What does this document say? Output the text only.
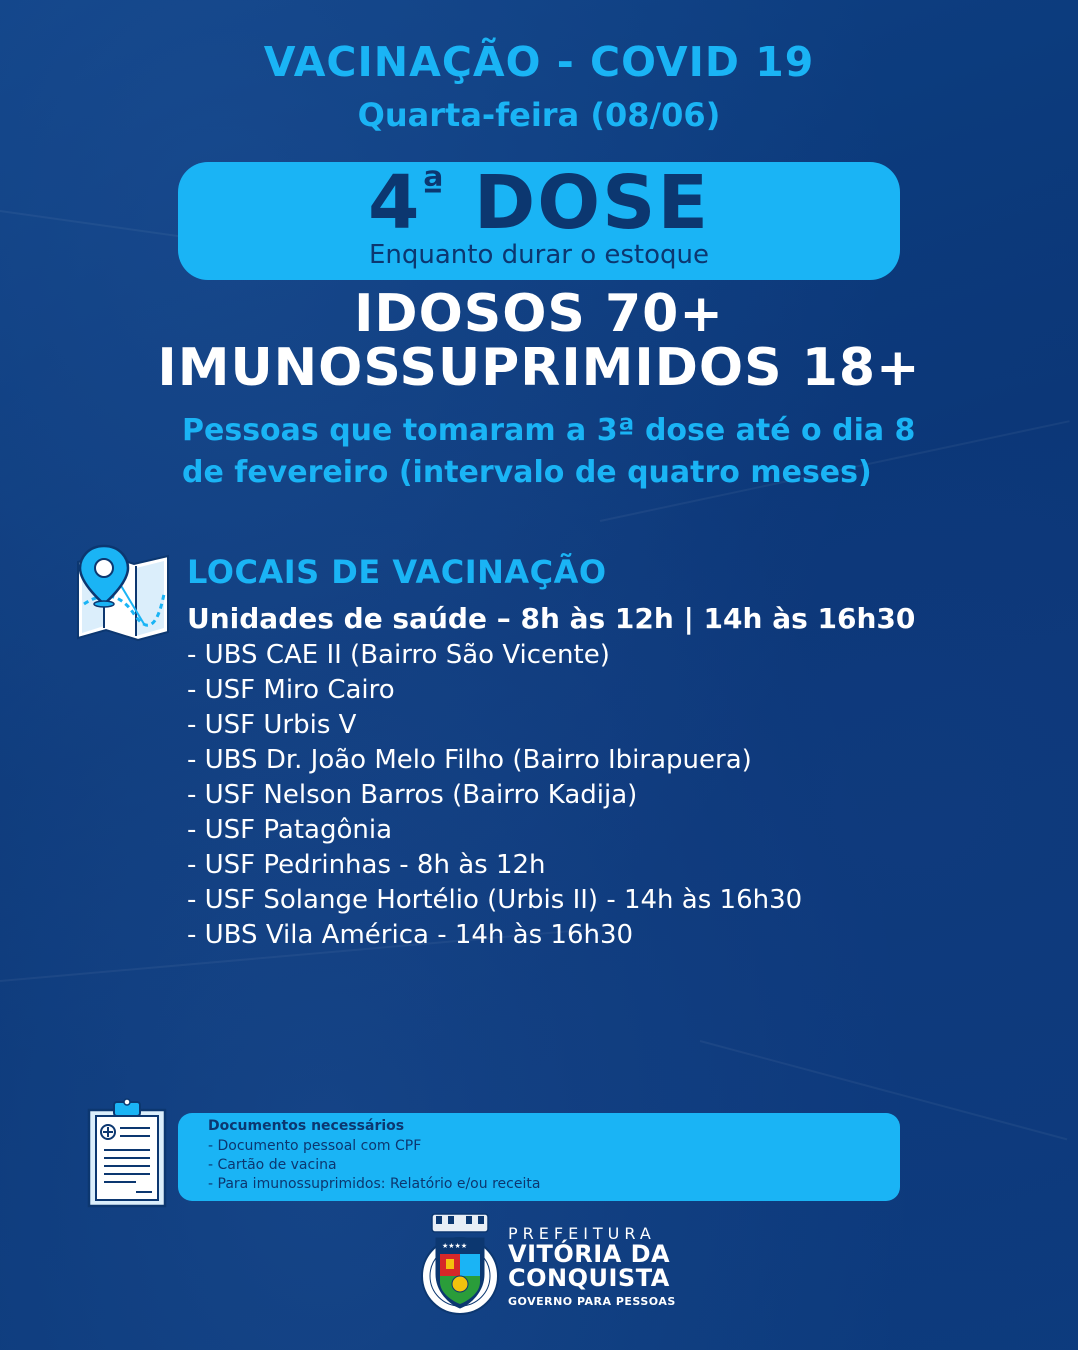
VACINAÇÃO - COVID 19
Quarta-feira (08/06)
$4^ª$ DOSE
Enquanto durar o estoque
IDOSOS 70+
IMUNOSSUPRIMIDOS 18+
Pessoas que tomaram a 3ª dose até o dia 8 de fevereiro (intervalo de quatro meses)
LOCAIS DE VACINAÇÃO
Unidades de saúde – 8h às 12h | 14h às 16h30
- UBS CAE II (Bairro São Vicente)
- USF Miro Cairo
- USF Urbis V
- UBS Dr. João Melo Filho (Bairro Ibirapuera)
- USF Nelson Barros (Bairro Kadija)
- USF Patagônia
- USF Pedrinhas - 8h às 12h
- USF Solange Hortélio (Urbis II) - 14h às 16h30
- UBS Vila América - 14h às 16h30
Documentos necessários
- Documento pessoal com CPF
- Cartão de vacina
- Para imunossuprimidos: Relatório e/ou receita
★★★★
PREFEITURA
VITÓRIA DA
CONQUISTA
GOVERNO PARA PESSOAS
